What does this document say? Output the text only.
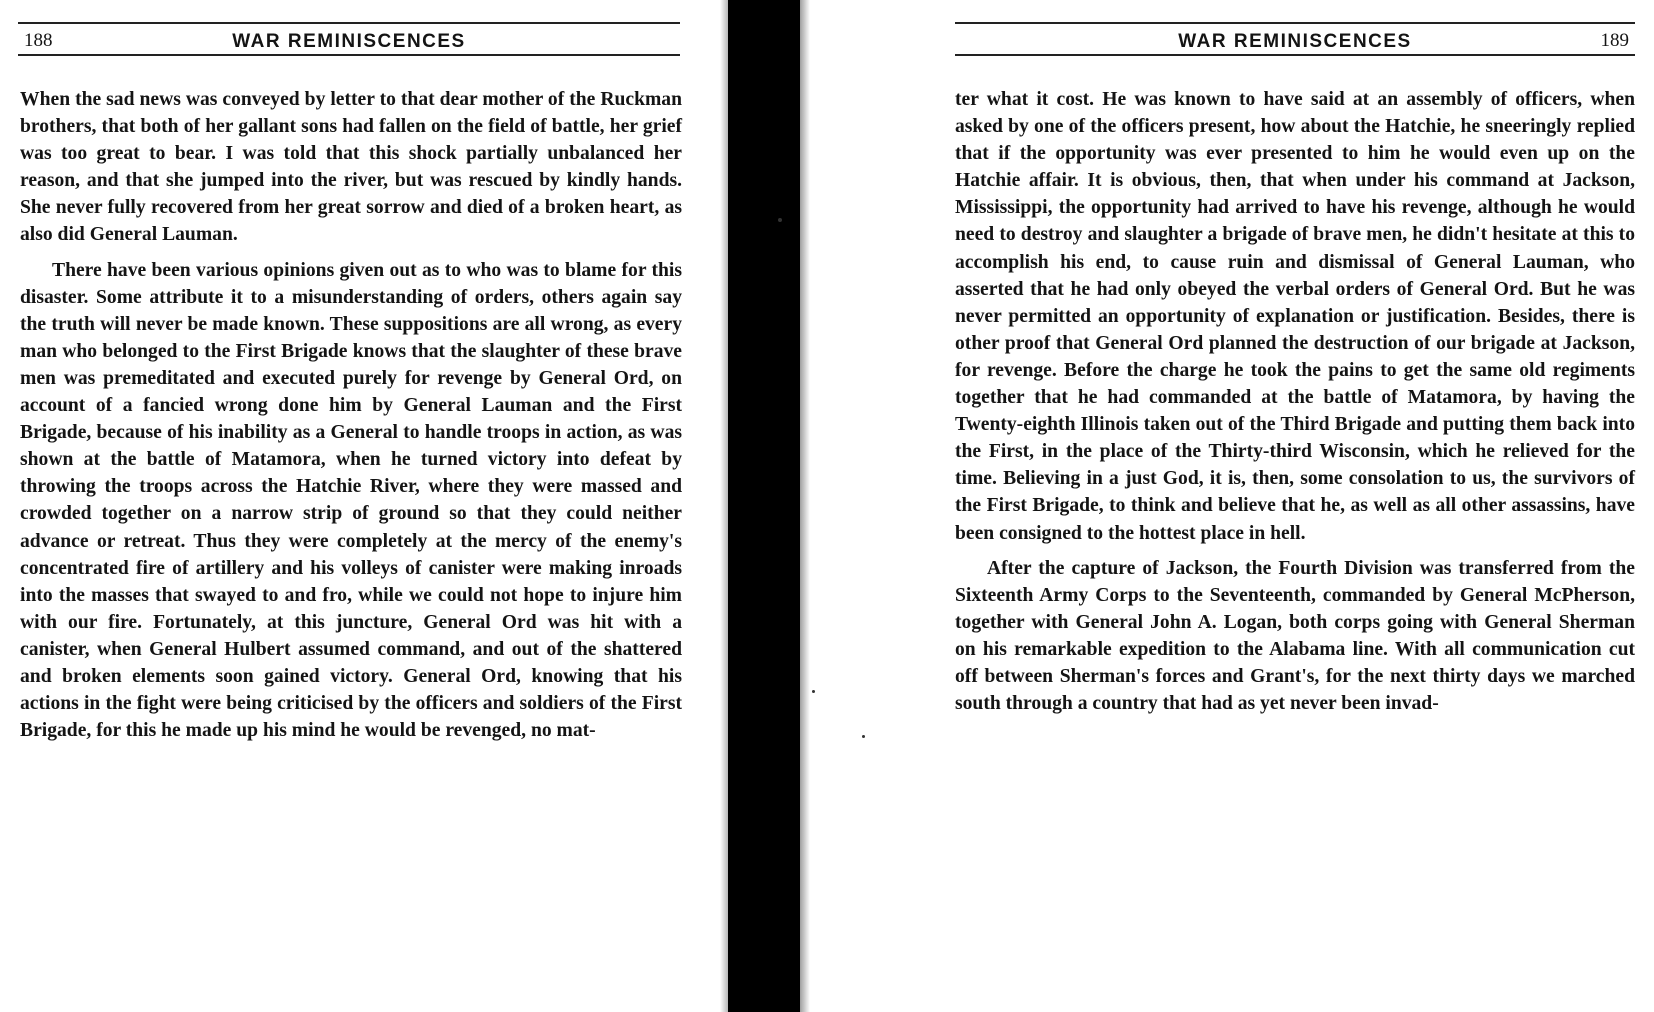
188	WAR REMINISCENCES

When the sad news was conveyed by letter to that dear mother of the Ruckman brothers, that both of her gallant sons had fallen on the field of battle, her grief was too great to bear. I was told that this shock partially unbalanced her reason, and that she jumped into the river, but was rescued by kindly hands. She never fully recovered from her great sorrow and died of a broken heart, as also did General Lauman.

There have been various opinions given out as to who was to blame for this disaster. Some attribute it to a misunderstanding of orders, others again say the truth will never be made known. These suppositions are all wrong, as every man who belonged to the First Brigade knows that the slaughter of these brave men was premeditated and executed purely for revenge by General Ord, on account of a fancied wrong done him by General Lauman and the First Brigade, because of his inability as a General to handle troops in action, as was shown at the battle of Matamora, when he turned victory into defeat by throwing the troops across the Hatchie River, where they were massed and crowded together on a narrow strip of ground so that they could neither advance or retreat. Thus they were completely at the mercy of the enemy's concentrated fire of artillery and his volleys of canister were making inroads into the masses that swayed to and fro, while we could not hope to injure him with our fire. Fortunately, at this juncture, General Ord was hit with a canister, when General Hulbert assumed command, and out of the shattered and broken elements soon gained victory. General Ord, knowing that his actions in the fight were being criticised by the officers and soldiers of the First Brigade, for this he made up his mind he would be revenged, no mat-

WAR REMINISCENCES	189

ter what it cost. He was known to have said at an assembly of officers, when asked by one of the officers present, how about the Hatchie, he sneeringly replied that if the opportunity was ever presented to him he would even up on the Hatchie affair. It is obvious, then, that when under his command at Jackson, Mississippi, the opportunity had arrived to have his revenge, although he would need to destroy and slaughter a brigade of brave men, he didn't hesitate at this to accomplish his end, to cause ruin and dismissal of General Lauman, who asserted that he had only obeyed the verbal orders of General Ord. But he was never permitted an opportunity of explanation or justification. Besides, there is other proof that General Ord planned the destruction of our brigade at Jackson, for revenge. Before the charge he took the pains to get the same old regiments together that he had commanded at the battle of Matamora, by having the Twenty-eighth Illinois taken out of the Third Brigade and putting them back into the First, in the place of the Thirty-third Wisconsin, which he relieved for the time. Believing in a just God, it is, then, some consolation to us, the survivors of the First Brigade, to think and believe that he, as well as all other assassins, have been consigned to the hottest place in hell.

After the capture of Jackson, the Fourth Division was transferred from the Sixteenth Army Corps to the Seventeenth, commanded by General McPherson, together with General John A. Logan, both corps going with General Sherman on his remarkable expedition to the Alabama line. With all communication cut off between Sherman's forces and Grant's, for the next thirty days we marched south through a country that had as yet never been invad-
